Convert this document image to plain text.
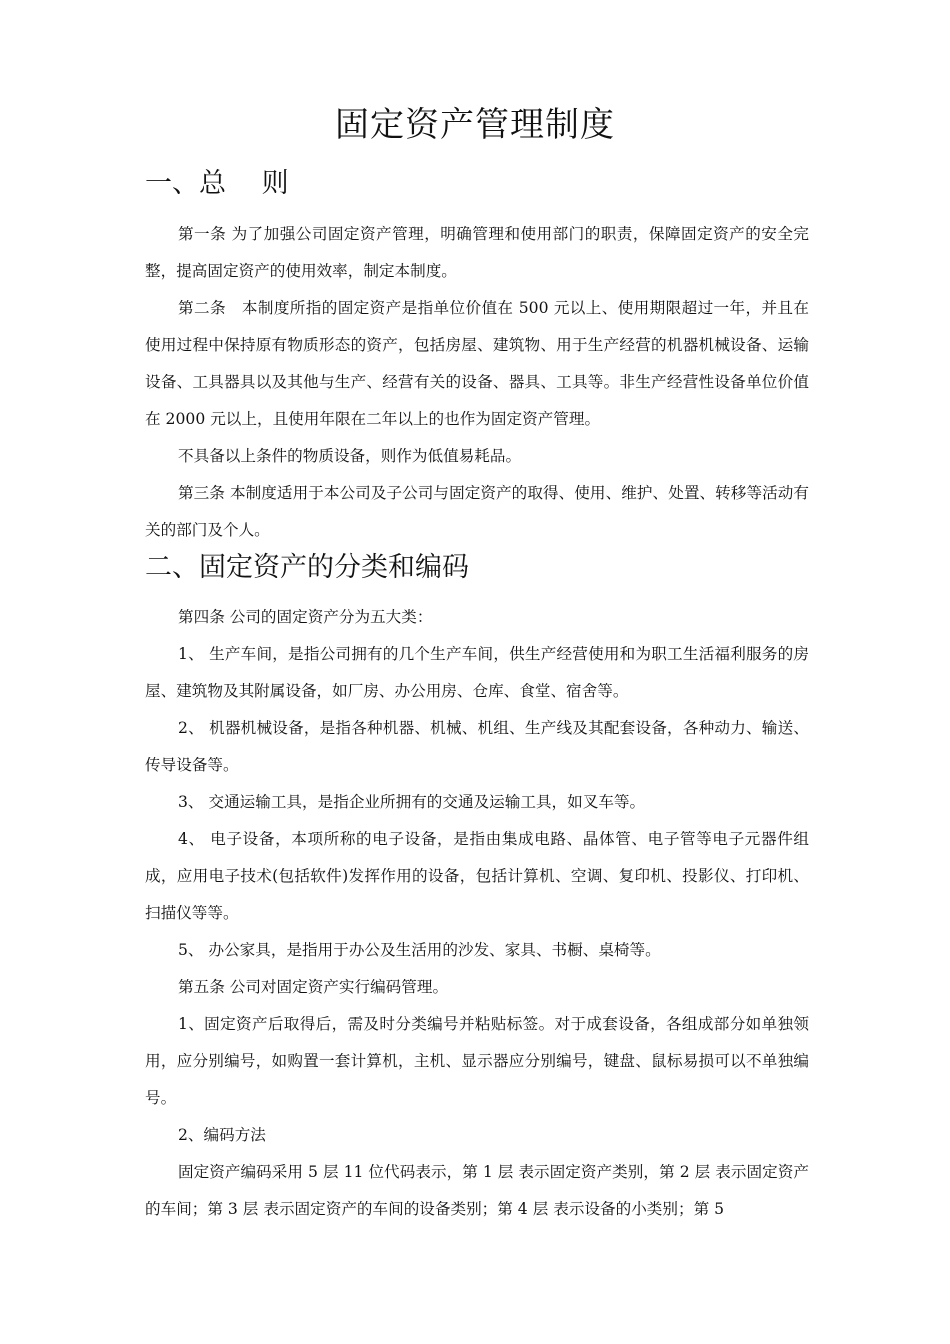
固定资产管理制度
一、总　 则

第一条 为了加强公司固定资产管理，明确管理和使用部门的职责，保障固定资产的安全完整，提高固定资产的使用效率，制定本制度。

第二条　本制度所指的固定资产是指单位价值在 500 元以上、使用期限超过一年，并且在使用过程中保持原有物质形态的资产，包括房屋、建筑物、用于生产经营的机器机械设备、运输设备、工具器具以及其他与生产、经营有关的设备、器具、工具等。非生产经营性设备单位价值在 2000 元以上，且使用年限在二年以上的也作为固定资产管理。

不具备以上条件的物质设备，则作为低值易耗品。

第三条 本制度适用于本公司及子公司与固定资产的取得、使用、维护、处置、转移等活动有关的部门及个人。

二、固定资产的分类和编码

第四条 公司的固定资产分为五大类：

1、 生产车间，是指公司拥有的几个生产车间，供生产经营使用和为职工生活福利服务的房屋、建筑物及其附属设备，如厂房、办公用房、仓库、食堂、宿舍等。

2、 机器机械设备，是指各种机器、机械、机组、生产线及其配套设备，各种动力、输送、传导设备等。

3、 交通运输工具，是指企业所拥有的交通及运输工具，如叉车等。

4、 电子设备，本项所称的电子设备，是指由集成电路、晶体管、电子管等电子元器件组成，应用电子技术(包括软件)发挥作用的设备，包括计算机、空调、复印机、投影仪、打印机、扫描仪等等。

5、 办公家具，是指用于办公及生活用的沙发、家具、书橱、桌椅等。

第五条 公司对固定资产实行编码管理。

1、固定资产后取得后，需及时分类编号并粘贴标签。对于成套设备，各组成部分如单独领用，应分别编号，如购置一套计算机，主机、显示器应分别编号，键盘、鼠标易损可以不单独编号。

2、编码方法

固定资产编码采用 5 层 11 位代码表示，第 1 层 表示固定资产类别，第 2 层 表示固定资产的车间；第 3 层 表示固定资产的车间的设备类别；第 4 层 表示设备的小类别；第 5
